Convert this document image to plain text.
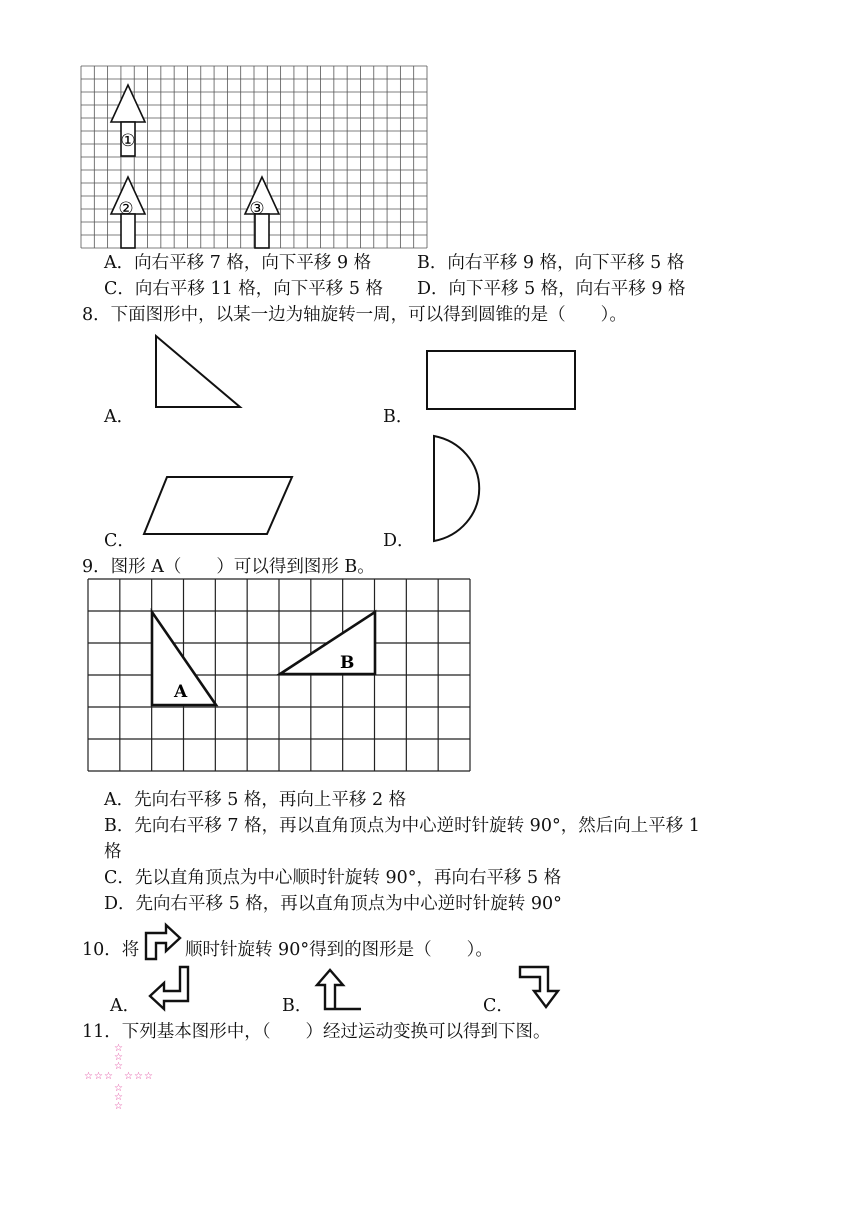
①
②	③
A．向右平移 7 格，向下平移 9 格	B．向右平移 9 格，向下平移 5 格
C．向右平移 11 格，向下平移 5 格 D．向下平移 5 格，向右平移 9 格
8．下面图形中，以某一边为轴旋转一周，可以得到圆锥的是（　　）。
A．	B．
C．	D．
9．图形 A（　　）可以得到图形 B。
A
B
A．先向右平移 5 格，再向上平移 2 格
B．先向右平移 7 格，再以直角顶点为中心逆时针旋转 90°，然后向上平移 1
格
C．先以直角顶点为中心顺时针旋转 90°，再向右平移 5 格
D．先向右平移 5 格，再以直角顶点为中心逆时针旋转 90°
10．将	顺时针旋转 90°得到的图形是（　　）。
A．	B．	C．
11．下列基本图形中，（　　）经过运动变换可以得到下图。
☆
☆
☆
☆ ☆ ☆ ☆ ☆ ☆
☆
☆
☆
